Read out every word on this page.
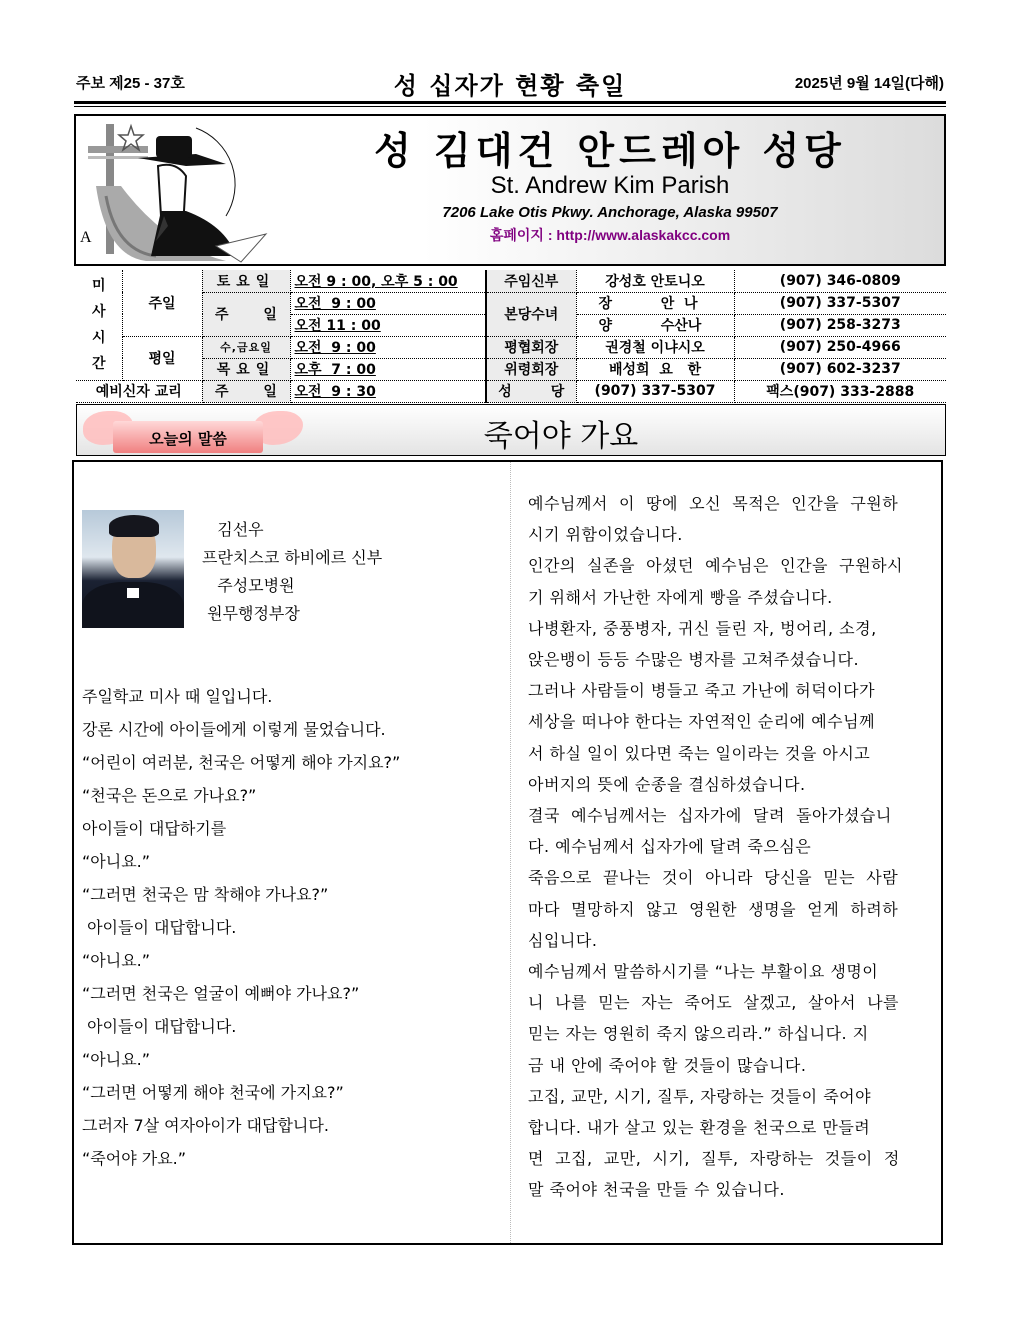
주보 제25 - 37호	성 십자가 현황 축일	2025년 9월 14일(다해)
A
성 김대건 안드레아 성당
St. Andrew Kim Parish
7206 Lake Otis Pkwy. Anchorage, Alaska 99507
홈페이지 : http://www.alaskakcc.com
미
사
시
간	주일	토요일	오전 9 : 00, 오후 5 : 00	주임신부	강성호 안토니오	(907) 346-0809
		주 일	오전  9 : 00	본당수녀	장          안  나	(907) 337-5307
			오전 11 : 00		양          수산나	(907) 258-3273
	평일	수,금요일	오전  9 : 00	평협회장	권경철 이냐시오	(907) 250-4966
		목요일	오후  7 : 00	위령회장	배성희  요   한	(907) 602-3237
예비신자 교리		주 일	오전  9 : 30	성        당	(907) 337-5307	팩스(907) 333-2888
오늘의 말씀	죽어야 가요
김선우
프란치스코 하비에르 신부
주성모병원
원무행정부장
주일학교 미사 때 일입니다.
강론 시간에 아이들에게 이렇게 물었습니다.
“어린이 여러분, 천국은 어떻게 해야 가지요?”
“천국은 돈으로 가나요?”
아이들이 대답하기를
“아니요.”
“그러면 천국은 맘 착해야 가나요?”
아이들이 대답합니다.
“아니요.”
“그러면 천국은 얼굴이 예뻐야 가나요?”
아이들이 대답합니다.
“아니요.”
“그러면 어떻게 해야 천국에 가지요?”
그러자 7살 여자아이가 대답합니다.
“죽어야 가요.”
예수님께서  이  땅에  오신  목적은  인간을  구원하
시기 위함이었습니다.
인간의  실존을  아셨던  예수님은  인간을  구원하시
기 위해서 가난한 자에게 빵을 주셨습니다.
나병환자, 중풍병자, 귀신 들린 자, 벙어리, 소경,
앉은뱅이 등등 수많은 병자를 고쳐주셨습니다.
그러나 사람들이 병들고 죽고 가난에 허덕이다가
세상을 떠나야 한다는 자연적인 순리에 예수님께
서 하실 일이 있다면 죽는 일이라는 것을 아시고
아버지의 뜻에 순종을 결심하셨습니다.
결국  예수님께서는  십자가에  달려  돌아가셨습니
다. 예수님께서 십자가에 달려 죽으심은
죽음으로  끝나는  것이  아니라  당신을  믿는  사람
마다  멸망하지  않고  영원한  생명을  얻게  하려하
심입니다.
예수님께서 말씀하시기를 “나는 부활이요 생명이
니  나를  믿는  자는  죽어도  살겠고,  살아서  나를
믿는 자는 영원히 죽지 않으리라.” 하십니다. 지
금 내 안에 죽어야 할 것들이 많습니다.
고집, 교만, 시기, 질투, 자랑하는 것들이 죽어야
합니다. 내가 살고 있는 환경을 천국으로 만들려
면  고집,  교만,  시기,  질투,  자랑하는  것들이  정
말 죽어야 천국을 만들 수 있습니다.
